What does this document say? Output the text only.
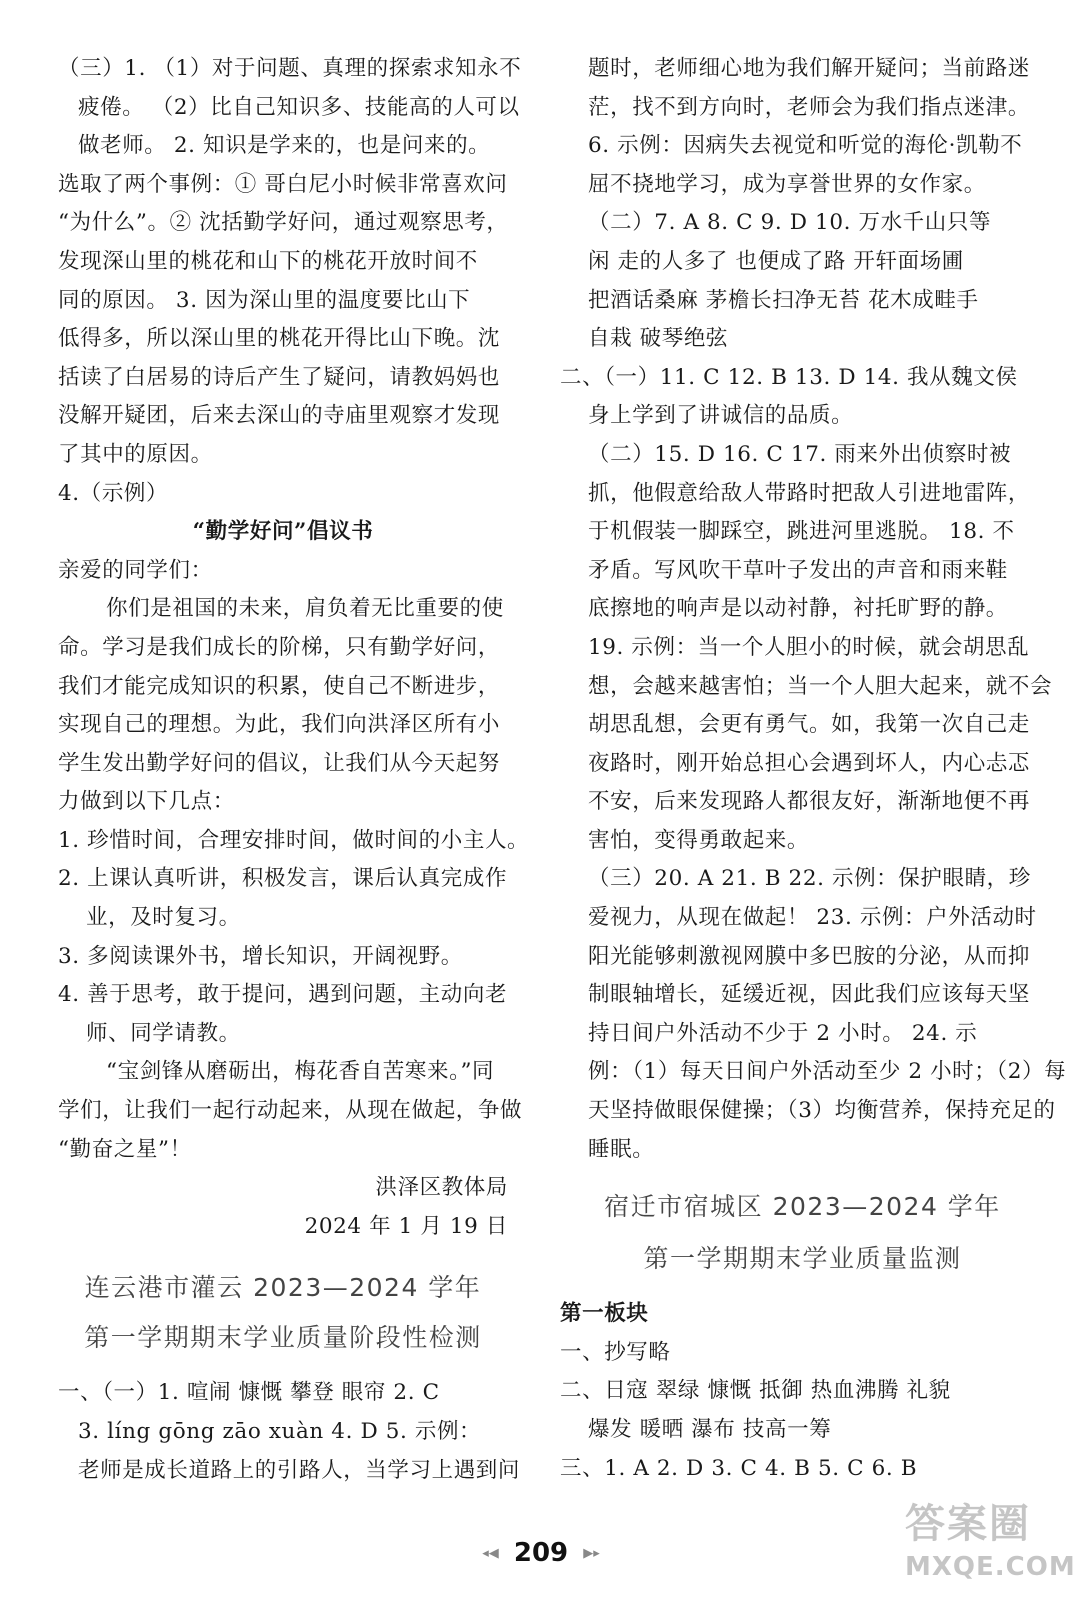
（三）1. （1）对于问题、真理的探索求知永不
疲倦。 （2）比自己知识多、技能高的人可以
做老师。 2. 知识是学来的，也是问来的。
选取了两个事例：① 哥白尼小时候非常喜欢问
“为什么”。② 沈括勤学好问，通过观察思考，
发现深山里的桃花和山下的桃花开放时间不
同的原因。 3. 因为深山里的温度要比山下
低得多，所以深山里的桃花开得比山下晚。沈
括读了白居易的诗后产生了疑问，请教妈妈也
没解开疑团，后来去深山的寺庙里观察才发现
了其中的原因。
4.（示例）
“勤学好问”倡议书
亲爱的同学们：
你们是祖国的未来，肩负着无比重要的使
命。学习是我们成长的阶梯，只有勤学好问，
我们才能完成知识的积累，使自己不断进步，
实现自己的理想。为此，我们向洪泽区所有小
学生发出勤学好问的倡议，让我们从今天起努
力做到以下几点：
1. 珍惜时间，合理安排时间，做时间的小主人。
2. 上课认真听讲，积极发言，课后认真完成作
业，及时复习。
3. 多阅读课外书，增长知识，开阔视野。
4. 善于思考，敢于提问，遇到问题，主动向老
师、同学请教。
“宝剑锋从磨砺出，梅花香自苦寒来。”同
学们，让我们一起行动起来，从现在做起，争做
“勤奋之星”！
洪泽区教体局
2024 年 1 月 19 日
连云港市灌云 2023—2024 学年
第一学期期末学业质量阶段性检测
一、（一）1. 喧闹 慷慨 攀登 眼帘 2. C
3. líng gōng zāo xuàn 4. D 5. 示例：
老师是成长道路上的引路人，当学习上遇到问
题时，老师细心地为我们解开疑问；当前路迷
茫，找不到方向时，老师会为我们指点迷津。
6. 示例：因病失去视觉和听觉的海伦·凯勒不
屈不挠地学习，成为享誉世界的女作家。
（二）7. A 8. C 9. D 10. 万水千山只等
闲 走的人多了 也便成了路 开轩面场圃
把酒话桑麻 茅檐长扫净无苔 花木成畦手
自栽 破琴绝弦
二、（一）11. C 12. B 13. D 14. 我从魏文侯
身上学到了讲诚信的品质。
（二）15. D 16. C 17. 雨来外出侦察时被
抓，他假意给敌人带路时把敌人引进地雷阵，
于机假装一脚踩空，跳进河里逃脱。 18. 不
矛盾。写风吹干草叶子发出的声音和雨来鞋
底擦地的响声是以动衬静，衬托旷野的静。
19. 示例：当一个人胆小的时候，就会胡思乱
想，会越来越害怕；当一个人胆大起来，就不会
胡思乱想，会更有勇气。如，我第一次自己走
夜路时，刚开始总担心会遇到坏人，内心忐忑
不安，后来发现路人都很友好，渐渐地便不再
害怕，变得勇敢起来。
（三）20. A 21. B 22. 示例：保护眼睛，珍
爱视力，从现在做起！ 23. 示例：户外活动时
阳光能够刺激视网膜中多巴胺的分泌，从而抑
制眼轴增长，延缓近视，因此我们应该每天坚
持日间户外活动不少于 2 小时。 24. 示
例：（1）每天日间户外活动至少 2 小时；（2）每
天坚持做眼保健操；（3）均衡营养，保持充足的
睡眠。
宿迁市宿城区 2023—2024 学年
第一学期期末学业质量监测
第一板块
一、抄写略
二、日寇 翠绿 慷慨 抵御 热血沸腾 礼貌
爆发 暖晒 瀑布 技高一筹
三、1. A 2. D 3. C 4. B 5. C 6. B
◂◀ 209 ▶▸
答案圈
MXQE.COM
